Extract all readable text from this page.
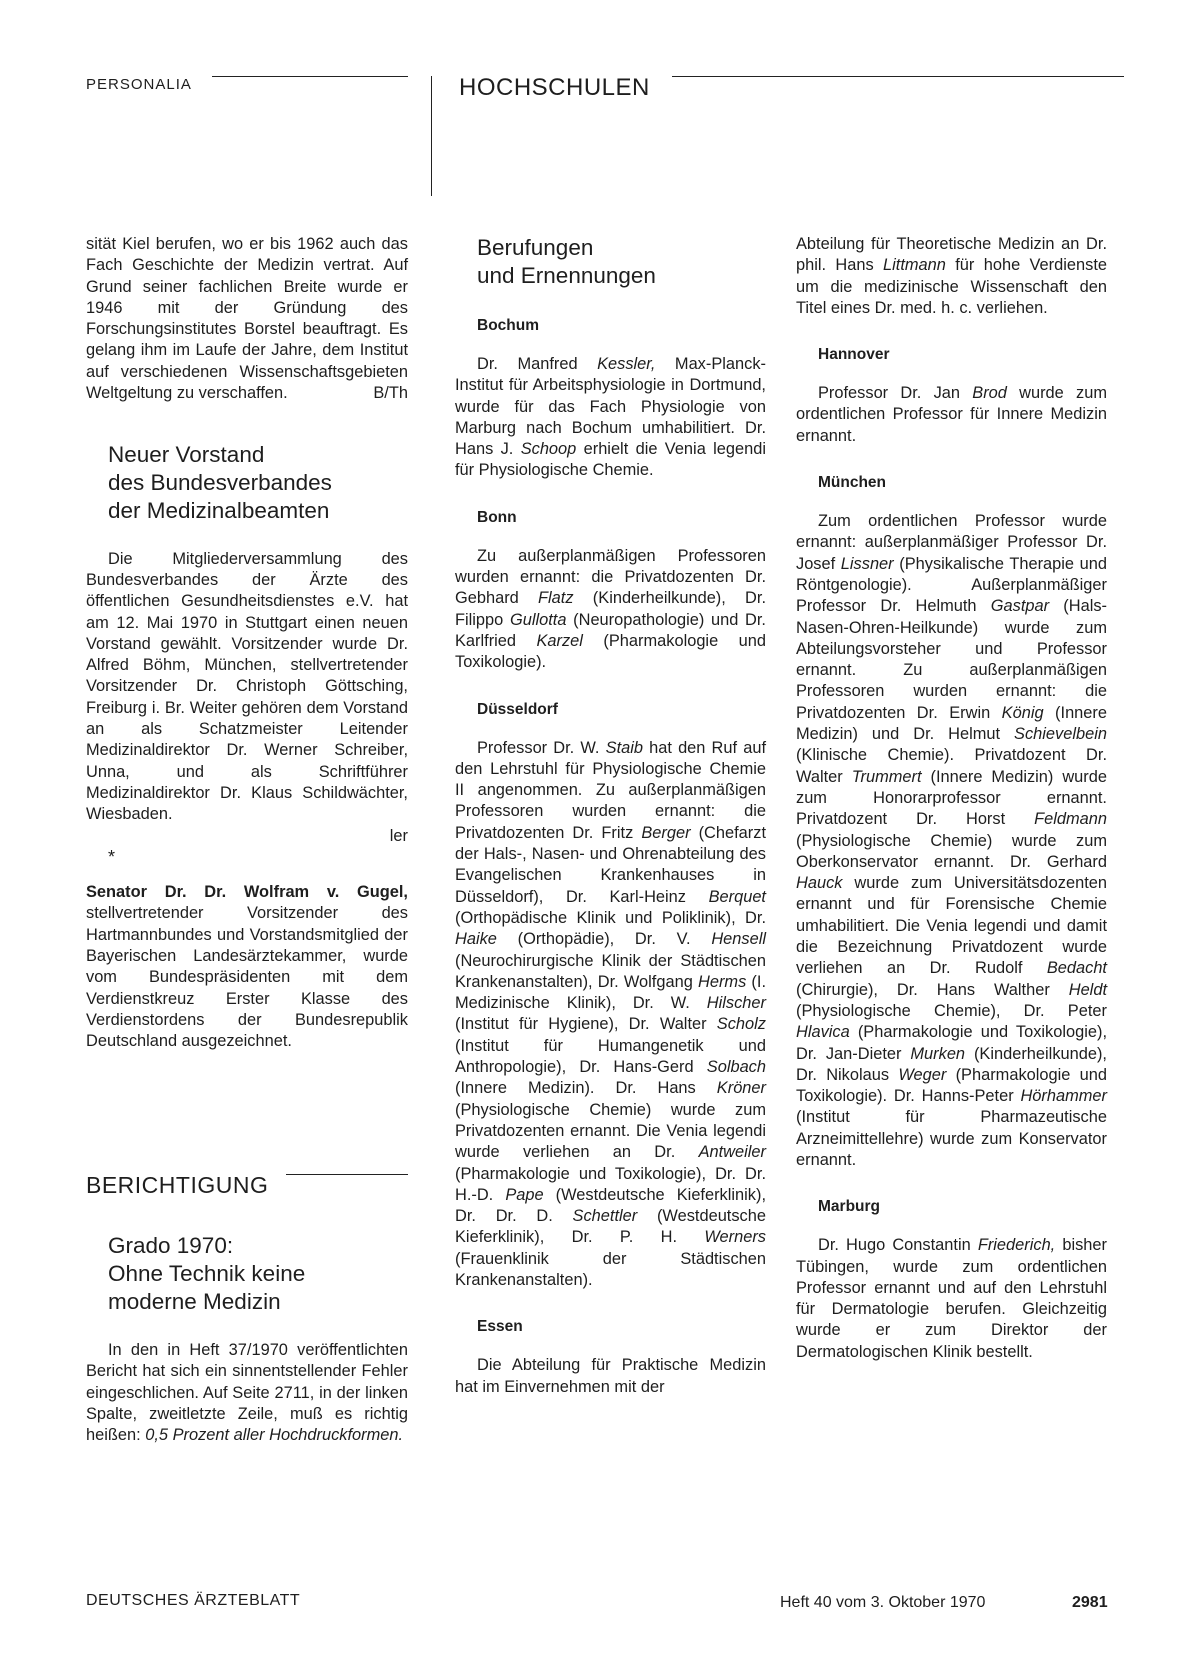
PERSONALIA	HOCHSCHULEN

sität Kiel berufen, wo er bis 1962 auch das Fach Geschichte der Medizin vertrat. Auf Grund seiner fachlichen Breite wurde er 1946 mit der Gründung des Forschungsinstitutes Borstel beauftragt. Es gelang ihm im Laufe der Jahre, dem Institut auf verschiedenen Wissenschaftsgebieten Weltgeltung zu verschaffen.	B/Th

Neuer Vorstand
des Bundesverbandes
der Medizinalbeamten

Die Mitgliederversammlung des Bundesverbandes der Ärzte des öffentlichen Gesundheitsdienstes e.V. hat am 12. Mai 1970 in Stuttgart einen neuen Vorstand gewählt. Vorsitzender wurde Dr. Alfred Böhm, München, stellvertretender Vorsitzender Dr. Christoph Göttsching, Freiburg i. Br. Weiter gehören dem Vorstand an als Schatzmeister Leitender Medizinaldirektor Dr. Werner Schreiber, Unna, und als Schriftführer Medizinaldirektor Dr. Klaus Schildwächter, Wiesbaden.

ler

*

Senator Dr. Dr. Wolfram v. Gugel, stellvertretender Vorsitzender des Hartmannbundes und Vorstandsmitglied der Bayerischen Landesärztekammer, wurde vom Bundespräsidenten mit dem Verdienstkreuz Erster Klasse des Verdienstordens der Bundesrepublik Deutschland ausgezeichnet.

BERICHTIGUNG
Grado 1970:
Ohne Technik keine
moderne Medizin

In den in Heft 37/1970 veröffentlichten Bericht hat sich ein sinnentstellender Fehler eingeschlichen. Auf Seite 2711, in der linken Spalte, zweitletzte Zeile, muß es richtig heißen: 0,5 Prozent aller Hochdruckformen.

Berufungen
und Ernennungen
Bochum

Dr. Manfred Kessler, Max-Planck-Institut für Arbeitsphysiologie in Dortmund, wurde für das Fach Physiologie von Marburg nach Bochum umhabilitiert. Dr. Hans J. Schoop erhielt die Venia legendi für Physiologische Chemie.

Bonn

Zu außerplanmäßigen Professoren wurden ernannt: die Privatdozenten Dr. Gebhard Flatz (Kinderheilkunde), Dr. Filippo Gullotta (Neuropathologie) und Dr. Karlfried Karzel (Pharmakologie und Toxikologie).

Düsseldorf

Professor Dr. W. Staib hat den Ruf auf den Lehrstuhl für Physiologische Chemie II angenommen. Zu außerplanmäßigen Professoren wurden ernannt: die Privatdozenten Dr. Fritz Berger (Chefarzt der Hals-, Nasen- und Ohrenabteilung des Evangelischen Krankenhauses in Düsseldorf), Dr. Karl-Heinz Berquet (Orthopädische Klinik und Poliklinik), Dr. Haike (Orthopädie), Dr. V. Hensell (Neurochirurgische Klinik der Städtischen Krankenanstalten), Dr. Wolfgang Herms (I. Medizinische Klinik), Dr. W. Hilscher (Institut für Hygiene), Dr. Walter Scholz (Institut für Humangenetik und Anthropologie), Dr. Hans-Gerd Solbach (Innere Medizin). Dr. Hans Kröner (Physiologische Chemie) wurde zum Privatdozenten ernannt. Die Venia legendi wurde verliehen an Dr. Antweiler (Pharmakologie und Toxikologie), Dr. Dr. H.-D. Pape (Westdeutsche Kieferklinik), Dr. Dr. D. Schettler (Westdeutsche Kieferklinik), Dr. P. H. Werners (Frauenklinik der Städtischen Krankenanstalten).

Essen

Die Abteilung für Praktische Medizin hat im Einvernehmen mit der

Abteilung für Theoretische Medizin an Dr. phil. Hans Littmann für hohe Verdienste um die medizinische Wissenschaft den Titel eines Dr. med. h. c. verliehen.

Hannover

Professor Dr. Jan Brod wurde zum ordentlichen Professor für Innere Medizin ernannt.

München

Zum ordentlichen Professor wurde ernannt: außerplanmäßiger Professor Dr. Josef Lissner (Physikalische Therapie und Röntgenologie). Außerplanmäßiger Professor Dr. Helmuth Gastpar (Hals-Nasen-Ohren-Heilkunde) wurde zum Abteilungsvorsteher und Professor ernannt. Zu außerplanmäßigen Professoren wurden ernannt: die Privatdozenten Dr. Erwin König (Innere Medizin) und Dr. Helmut Schievelbein (Klinische Chemie). Privatdozent Dr. Walter Trummert (Innere Medizin) wurde zum Honorarprofessor ernannt. Privatdozent Dr. Horst Feldmann (Physiologische Chemie) wurde zum Oberkonservator ernannt. Dr. Gerhard Hauck wurde zum Universitätsdozenten ernannt und für Forensische Chemie umhabilitiert. Die Venia legendi und damit die Bezeichnung Privatdozent wurde verliehen an Dr. Rudolf Bedacht (Chirurgie), Dr. Hans Walther Heldt (Physiologische Chemie), Dr. Peter Hlavica (Pharmakologie und Toxikologie), Dr. Jan-Dieter Murken (Kinderheilkunde), Dr. Nikolaus Weger (Pharmakologie und Toxikologie). Dr. Hanns-Peter Hörhammer (Institut für Pharmazeutische Arzneimittellehre) wurde zum Konservator ernannt.

Marburg

Dr. Hugo Constantin Friederich, bisher Tübingen, wurde zum ordentlichen Professor ernannt und auf den Lehrstuhl für Dermatologie berufen. Gleichzeitig wurde er zum Direktor der Dermatologischen Klinik bestellt.

DEUTSCHES ÄRZTEBLATT	Heft 40 vom 3. Oktober 1970	2981
